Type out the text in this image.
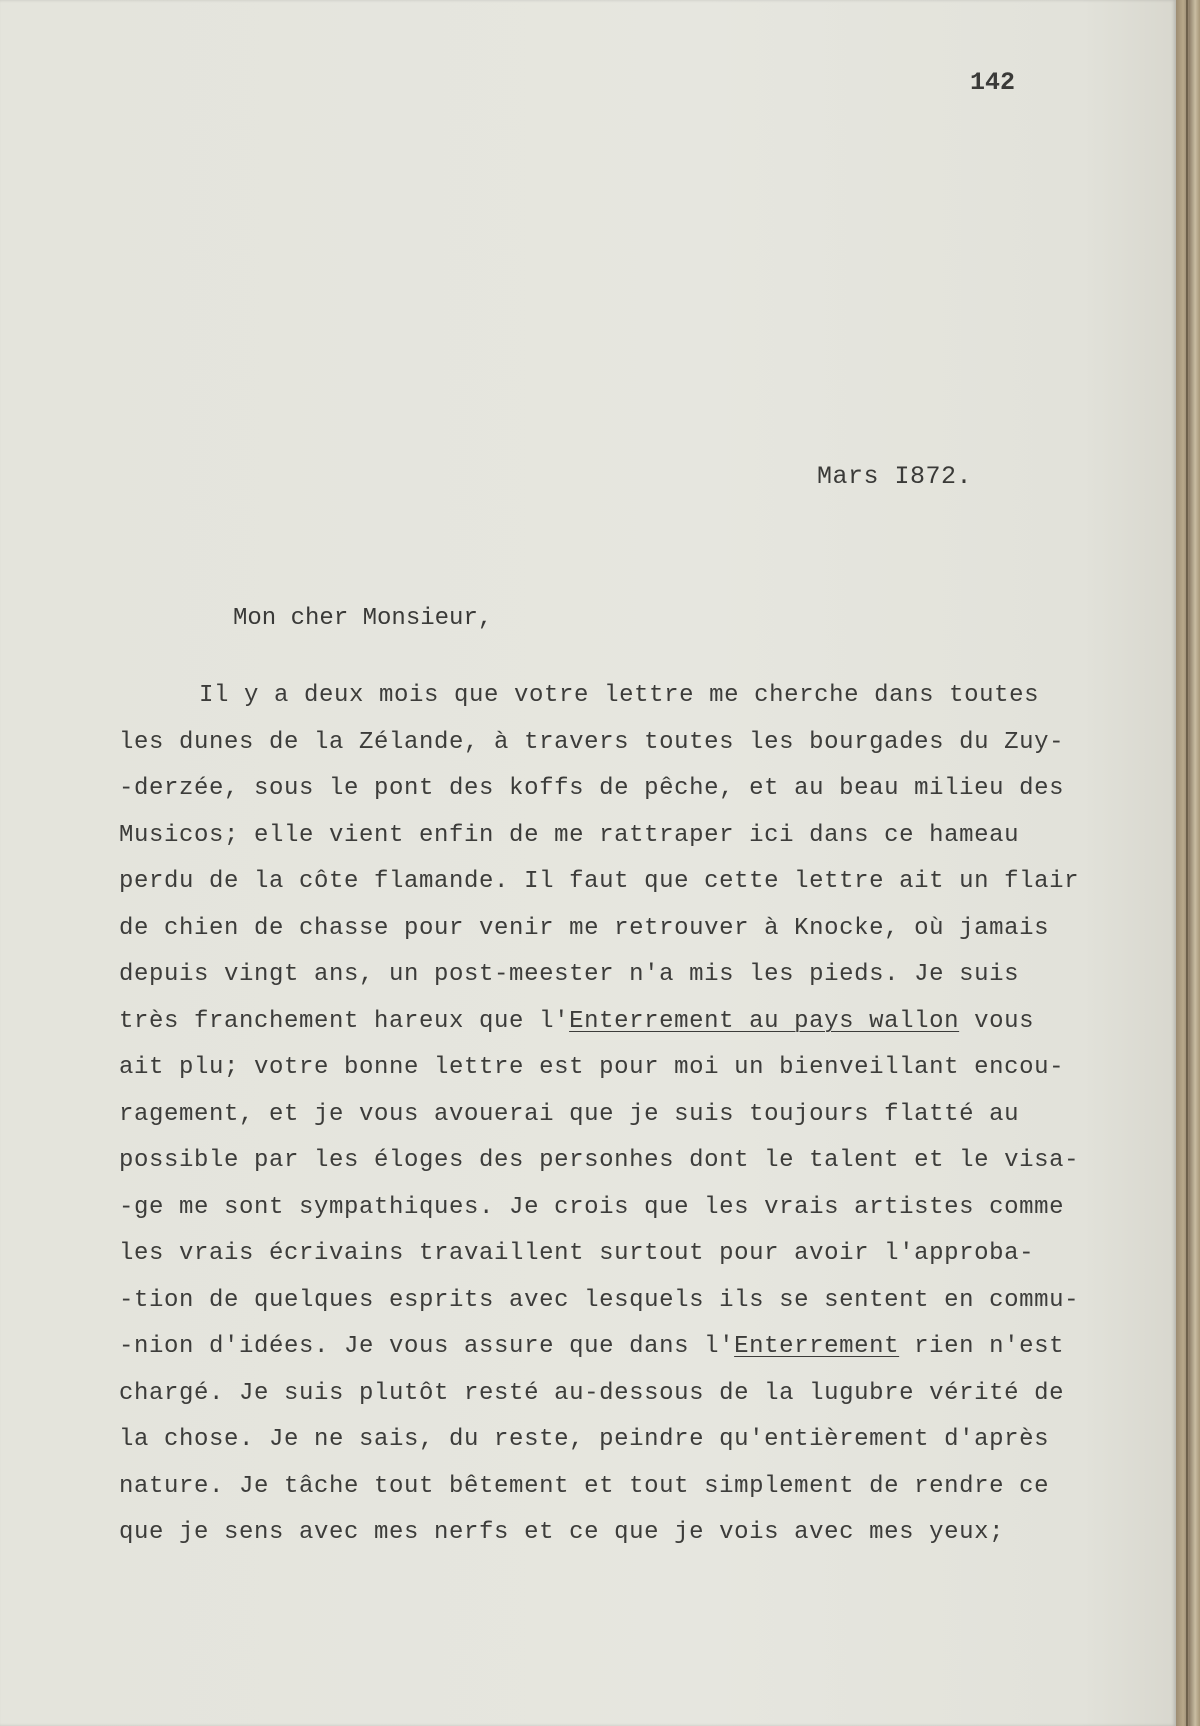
142
Mars I872.
Mon cher Monsieur,
Il y a deux mois que votre lettre me cherche dans toutes
les dunes de la Zélande, à travers toutes les bourgades du Zuy-
-derzée, sous le pont des koffs de pêche, et au beau milieu des
Musicos; elle vient enfin de me rattraper ici dans ce hameau
perdu de la côte flamande. Il faut que cette lettre ait un flair
de chien de chasse pour venir me retrouver à Knocke, où jamais
depuis vingt ans, un post-meester n'a mis les pieds. Je suis
très franchement hareux que l'Enterrement au pays wallon vous
ait plu; votre bonne lettre est pour moi un bienveillant encou-
ragement, et je vous avouerai que je suis toujours flatté au
possible par les éloges des personhes dont le talent et le visa-
-ge me sont sympathiques. Je crois que les vrais artistes comme
les vrais écrivains travaillent surtout pour avoir l'approba-
-tion de quelques esprits avec lesquels ils se sentent en commu-
-nion d'idées. Je vous assure que dans l'Enterrement rien n'est
chargé. Je suis plutôt resté au-dessous de la lugubre vérité de
la chose. Je ne sais, du reste, peindre qu'entièrement d'après
nature. Je tâche tout bêtement et tout simplement de rendre ce
que je sens avec mes nerfs et ce que je vois avec mes yeux;
